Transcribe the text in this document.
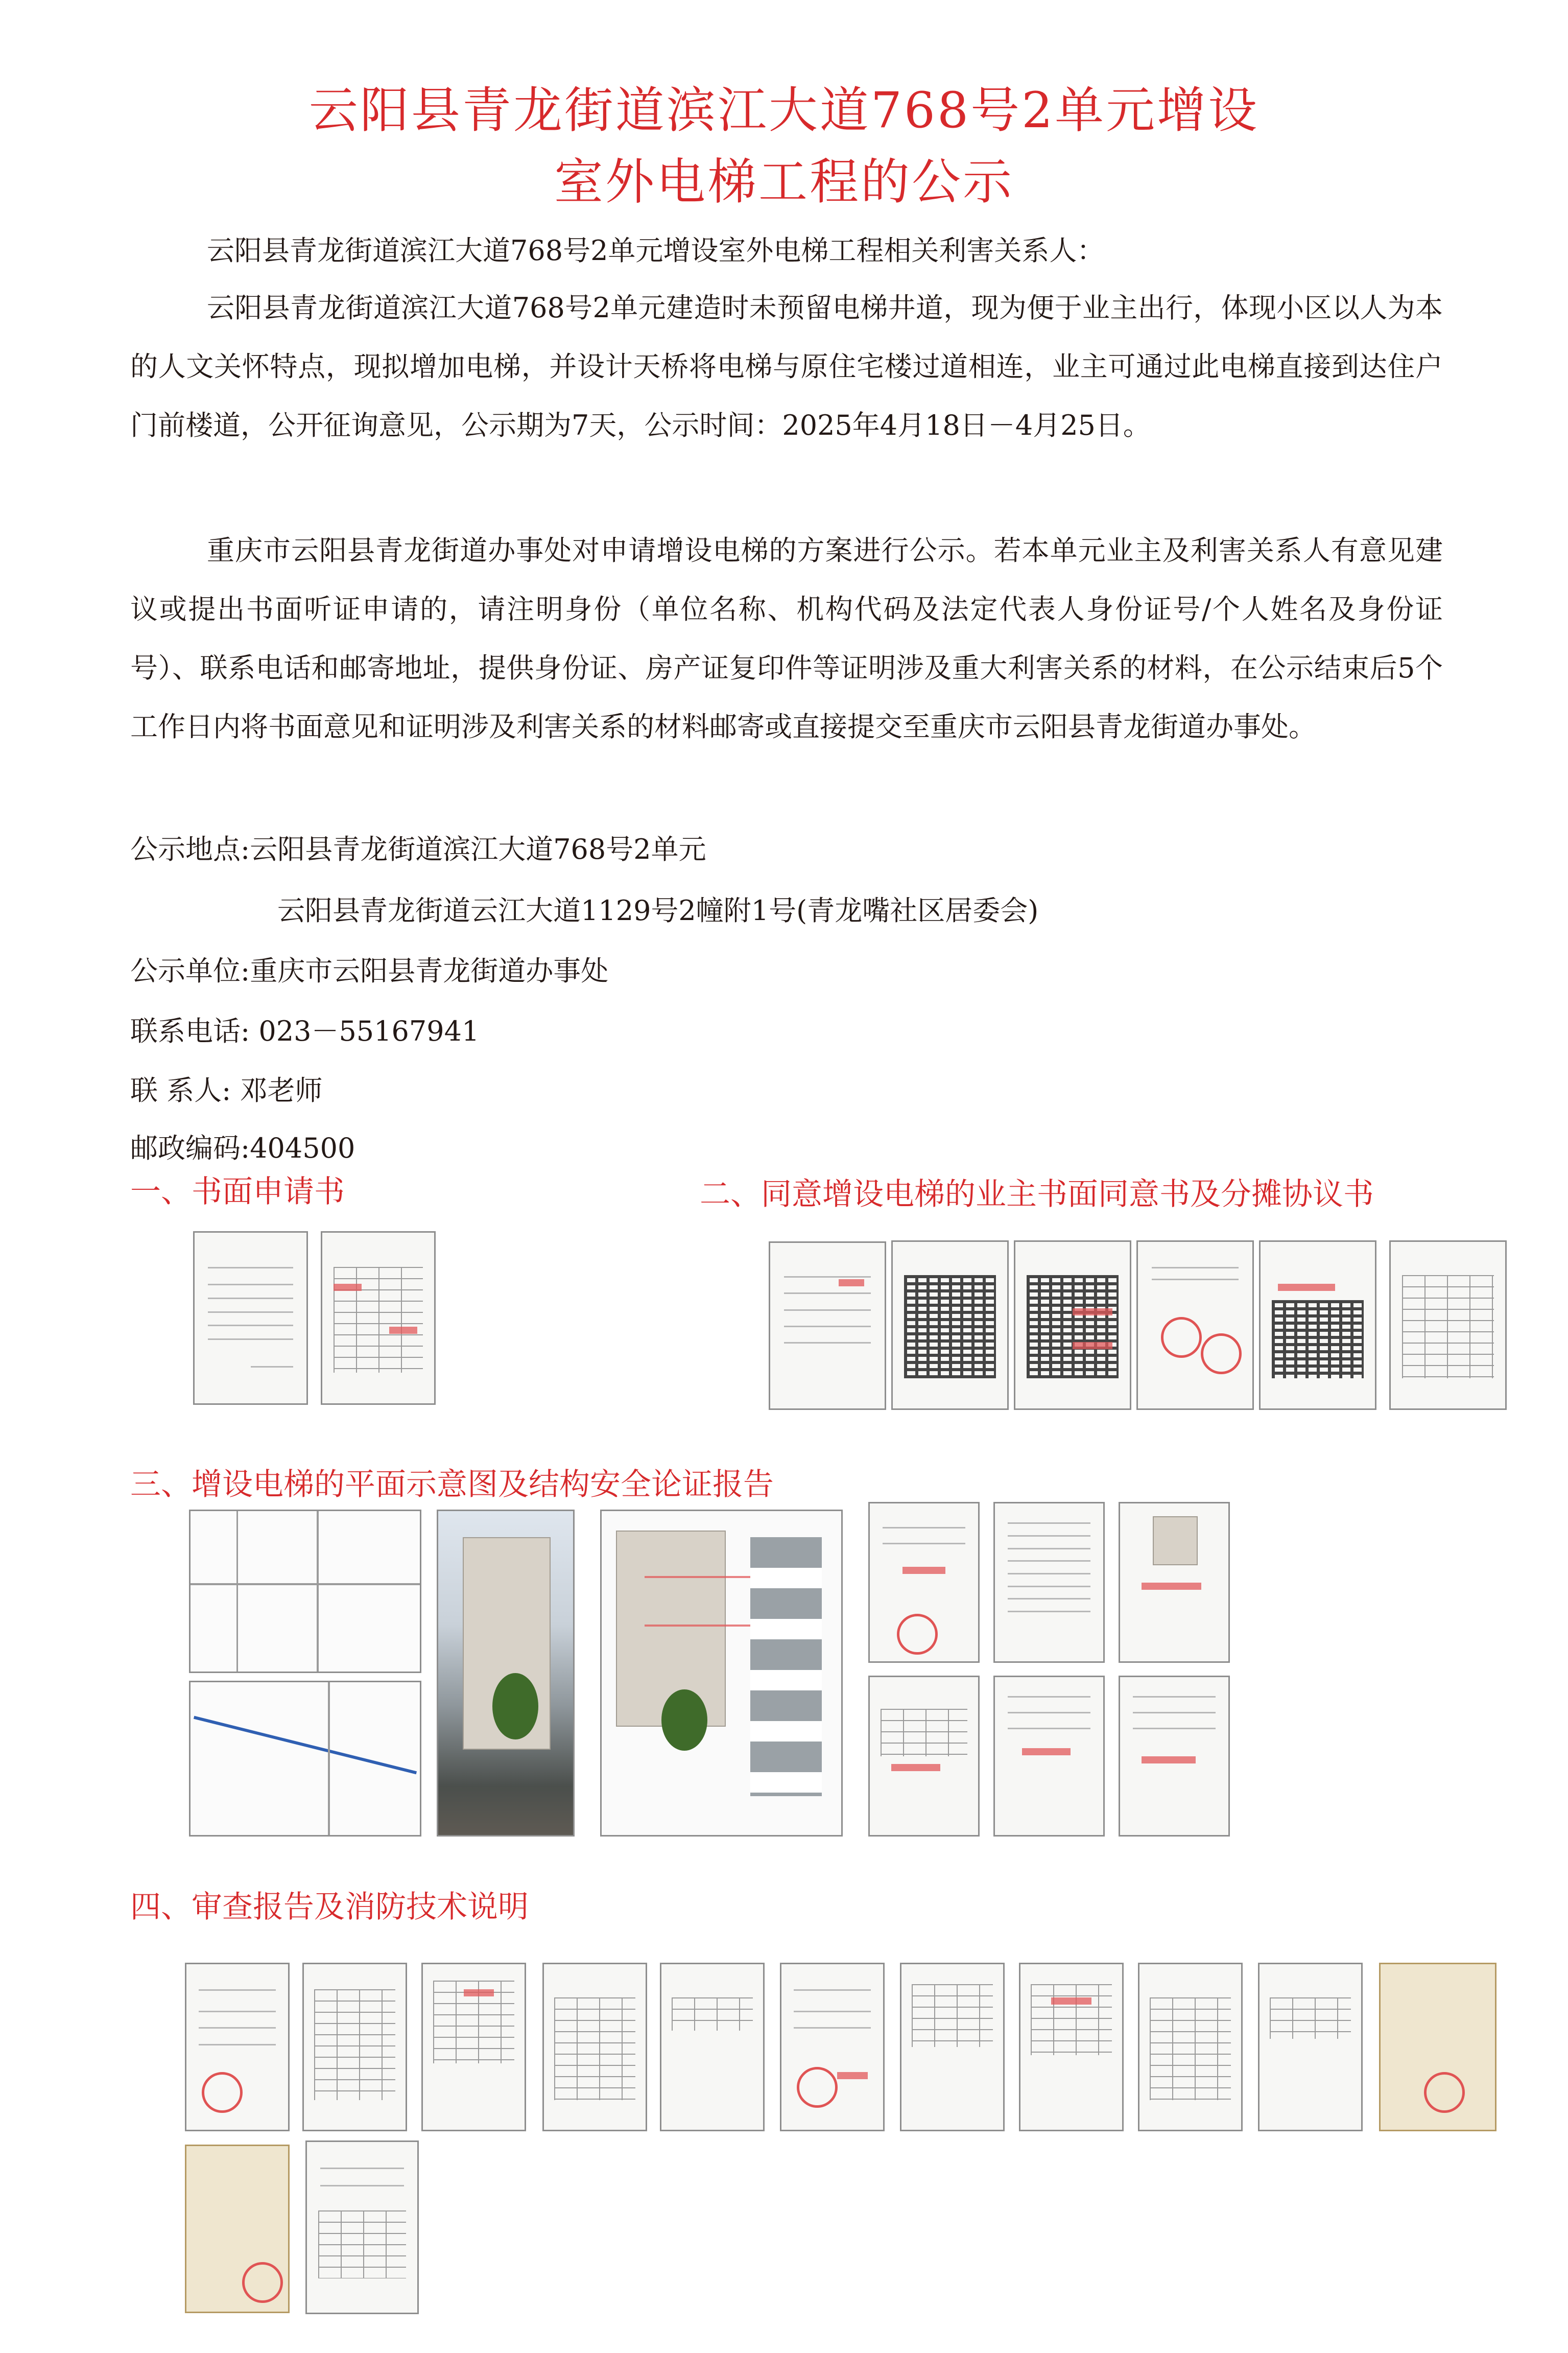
云阳县青龙街道滨江大道768号2单元增设
室外电梯工程的公示
云阳县青龙街道滨江大道768号2单元增设室外电梯工程相关利害关系人：

云阳县青龙街道滨江大道768号2单元建造时未预留电梯井道，现为便于业主出行，体现小区以人为本的人文关怀特点，现拟增加电梯，并设计天桥将电梯与原住宅楼过道相连，业主可通过此电梯直接到达住户门前楼道，公开征询意见，公示期为7天，公示时间：2025年4月18日－4月25日。

重庆市云阳县青龙街道办事处对申请增设电梯的方案进行公示。若本单元业主及利害关系人有意见建议或提出书面听证申请的，请注明身份（单位名称、机构代码及法定代表人身份证号/个人姓名及身份证号）、联系电话和邮寄地址，提供身份证、房产证复印件等证明涉及重大利害关系的材料，在公示结束后5个工作日内将书面意见和证明涉及利害关系的材料邮寄或直接提交至重庆市云阳县青龙街道办事处。

公示地点:云阳县青龙街道滨江大道768号2单元
云阳县青龙街道云江大道1129号2幢附1号(青龙嘴社区居委会)
公示单位:重庆市云阳县青龙街道办事处
联系电话: 023－55167941
联 系人: 邓老师
邮政编码:404500
一、书面申请书	二、同意增设电梯的业主书面同意书及分摊协议书
三、增设电梯的平面示意图及结构安全论证报告
四、审查报告及消防技术说明
